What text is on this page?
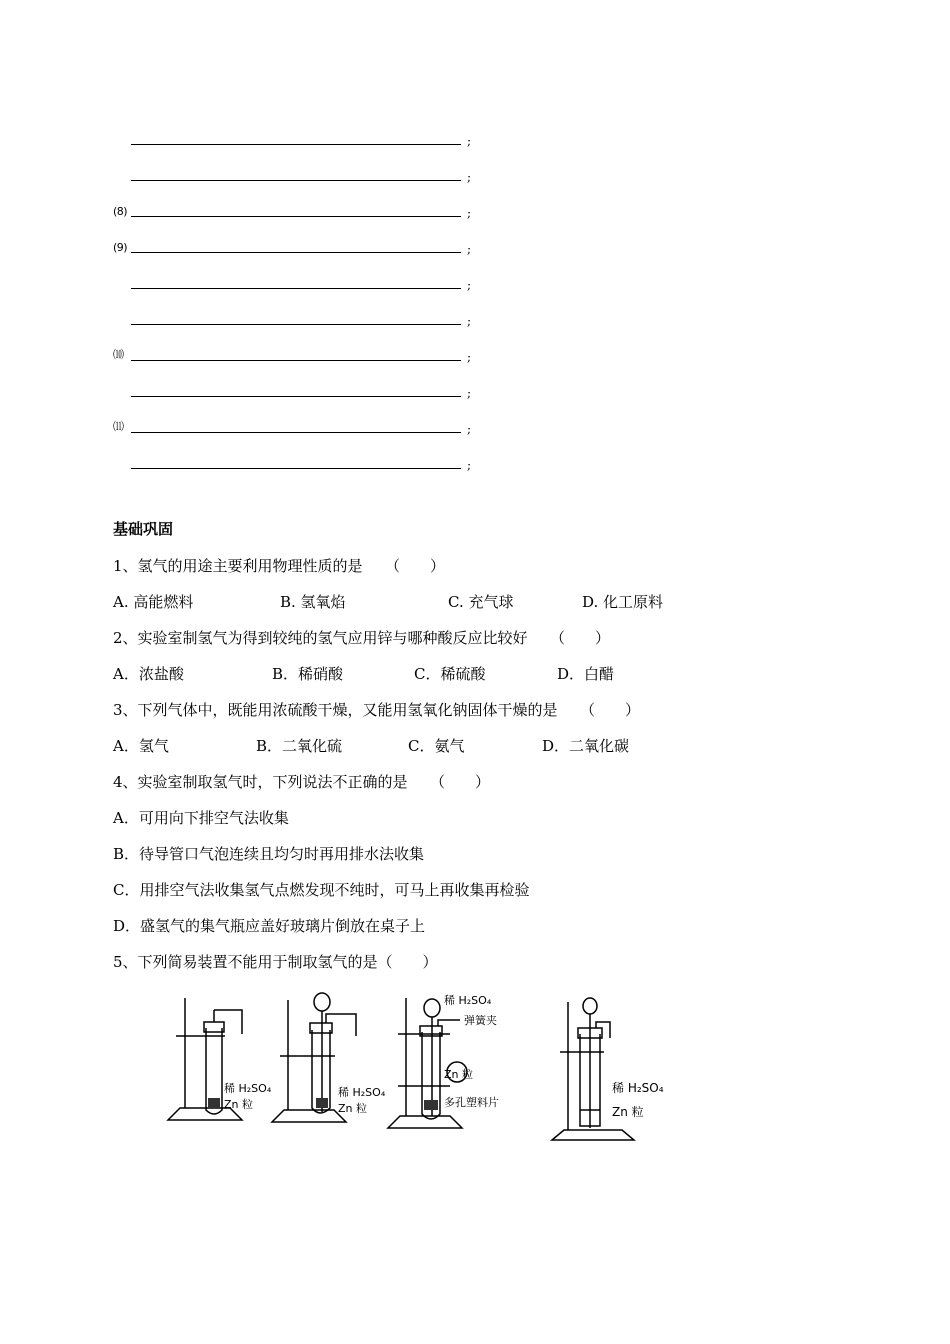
;
;
(8)	;
(9)	;
;
;
⑽	;
;
⑾	;
;
基础巩固
1、氢气的用途主要利用物理性质的是　　（　　）
A. 高能燃料	B. 氢氧焰	C. 充气球	D. 化工原料
2、实验室制氢气为得到较纯的氢气应用锌与哪种酸反应比较好　　（　　）
A．浓盐酸	B．稀硝酸	C．稀硫酸	D．白醋
3、下列气体中，既能用浓硫酸干燥，又能用氢氧化钠固体干燥的是　　（　　）
A．氢气	B．二氧化硫	C．氨气	D．二氧化碳
4、实验室制取氢气时，下列说法不正确的是　　（　　）
A．可用向下排空气法收集
B．待导管口气泡连续且均匀时再用排水法收集
C．用排空气法收集氢气点燃发现不纯时，可马上再收集再检验
D．盛氢气的集气瓶应盖好玻璃片倒放在桌子上
5、下列简易装置不能用于制取氢气的是（　　）
稀 H₂SO₄
Zn 粒
稀 H₂SO₄
Zn 粒
稀 H₂SO₄
弹簧夹
Zn 粒
多孔塑料片
稀 H₂SO₄
Zn 粒
